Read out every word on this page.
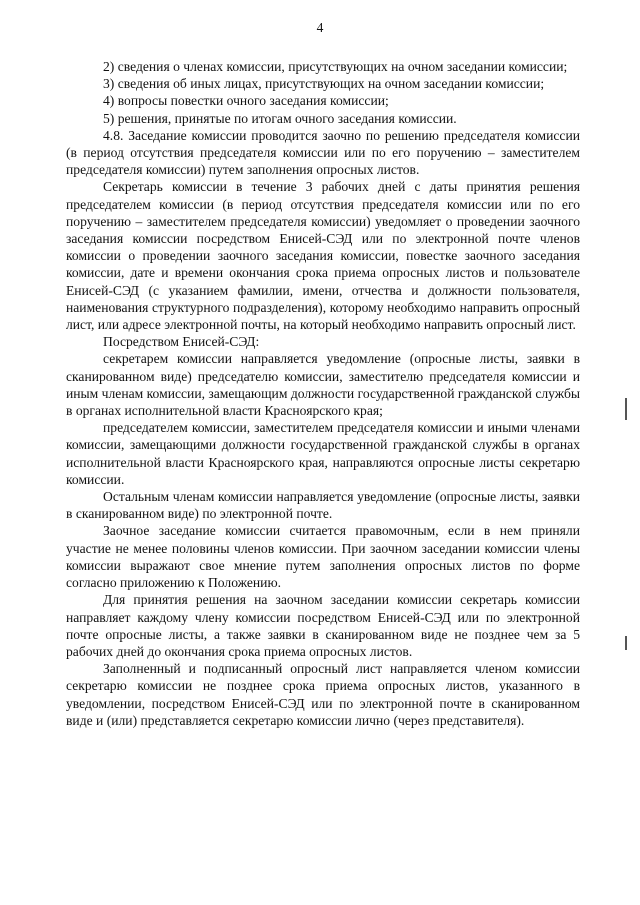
4

2) сведения о членах комиссии, присутствующих на очном заседании комиссии;

3) сведения об иных лицах, присутствующих на очном заседании комиссии;

4) вопросы повестки очного заседания комиссии;

5) решения, принятые по итогам очного заседания комиссии.

4.8. Заседание комиссии проводится заочно по решению председателя комиссии (в период отсутствия председателя комиссии или по его поручению – заместителем председателя комиссии) путем заполнения опросных листов.

Секретарь комиссии в течение 3 рабочих дней с даты принятия решения председателем комиссии (в период отсутствия председателя комиссии или по его поручению – заместителем председателя комиссии) уведомляет о проведении заочного заседания комиссии посредством Енисей-СЭД или по электронной почте членов комиссии о проведении заочного заседания комиссии, повестке заочного заседания комиссии, дате и времени окончания срока приема опросных листов и пользователе Енисей-СЭД (с указанием фамилии, имени, отчества и должности пользователя, наименования структурного подразделения), которому необходимо направить опросный лист, или адресе электронной почты, на который необходимо направить опросный лист.

Посредством Енисей-СЭД:

секретарем комиссии направляется уведомление (опросные листы, заявки в сканированном виде) председателю комиссии, заместителю председателя комиссии и иным членам комиссии, замещающим должности государственной гражданской службы в органах исполнительной власти Красноярского края;

председателем комиссии, заместителем председателя комиссии и иными членами комиссии, замещающими должности государственной гражданской службы в органах исполнительной власти Красноярского края, направляются опросные листы секретарю комиссии.

Остальным членам комиссии направляется уведомление (опросные листы, заявки в сканированном виде) по электронной почте.

Заочное заседание комиссии считается правомочным, если в нем приняли участие не менее половины членов комиссии. При заочном заседании комиссии члены комиссии выражают свое мнение путем заполнения опросных листов по форме согласно приложению к Положению.

Для принятия решения на заочном заседании комиссии секретарь комиссии направляет каждому члену комиссии посредством Енисей-СЭД или по электронной почте опросные листы, а также заявки в сканированном виде не позднее чем за 5 рабочих дней до окончания срока приема опросных листов.

Заполненный и подписанный опросный лист направляется членом комиссии секретарю комиссии не позднее срока приема опросных листов, указанного в уведомлении, посредством Енисей-СЭД или по электронной почте в сканированном виде и (или) представляется секретарю комиссии лично (через представителя).
